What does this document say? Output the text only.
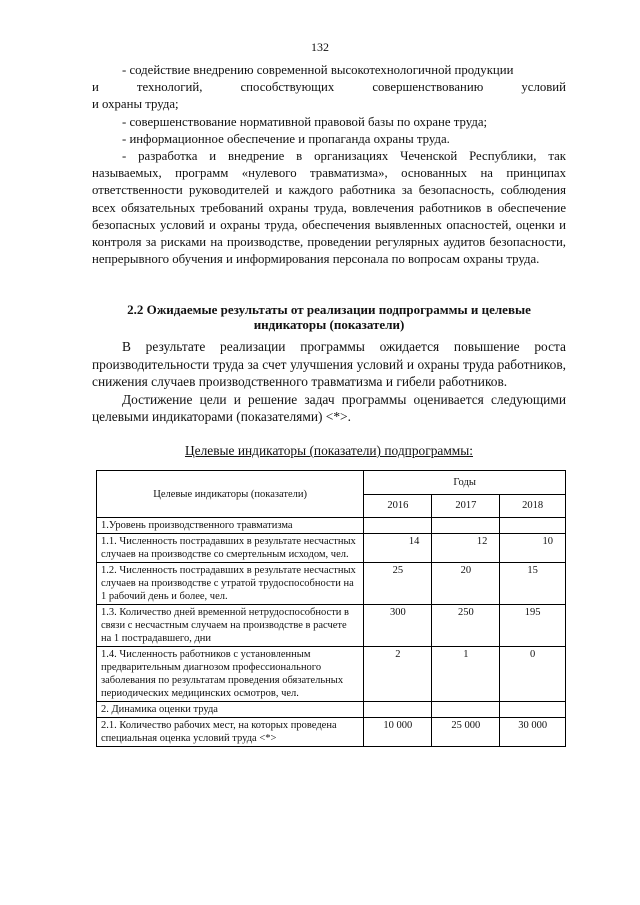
132

- содействие внедрению современной высокотехнологичной продукции

и	технологий,	способствующих	совершенствованию	условий

и охраны труда;

- совершенствование нормативной правовой базы по охране труда;

- информационное обеспечение и пропаганда охраны труда.

- разработка и внедрение в организациях Чеченской Республики, так называемых, программ «нулевого травматизма», основанных на принципах ответственности руководителей и каждого работника за безопасность, соблюдения всех обязательных требований охраны труда, вовлечения работников в обеспечение безопасных условий и охраны труда, обеспечения выявленных опасностей, оценки и контроля за рисками на производстве, проведении регулярных аудитов безопасности, непрерывного обучения и информирования персонала по вопросам охраны труда.

2.2 Ожидаемые результаты от реализации подпрограммы и целевые
индикаторы (показатели)

В результате реализации программы ожидается повышение роста производительности труда за счет улучшения условий и охраны труда работников, снижения случаев производственного травматизма и гибели работников.

Достижение цели и решение задач программы оценивается следующими целевыми индикаторами (показателями) <*>.

Целевые индикаторы (показатели) подпрограммы:
Целевые индикаторы (показатели)	Годы		
	2016	2017	2018
1.Уровень производственного травматизма			
1.1. Численность пострадавших в результате несчастных случаев на производстве со смертельным исходом, чел.	14	12	10
1.2. Численность пострадавших в результате несчастных случаев на производстве с утратой трудоспособности на 1 рабочий день и более, чел.	25	20	15
1.3. Количество дней временной нетрудоспособности в связи с несчастным случаем на производстве в расчете на 1 пострадавшего, дни	300	250	195
1.4. Численность работников с установленным предварительным диагнозом профессионального заболевания по результатам проведения обязательных периодических медицинских осмотров, чел.	2	1	0
2. Динамика оценки труда			
2.1. Количество рабочих мест, на которых проведена специальная оценка условий труда <*>	10 000	25 000	30 000
